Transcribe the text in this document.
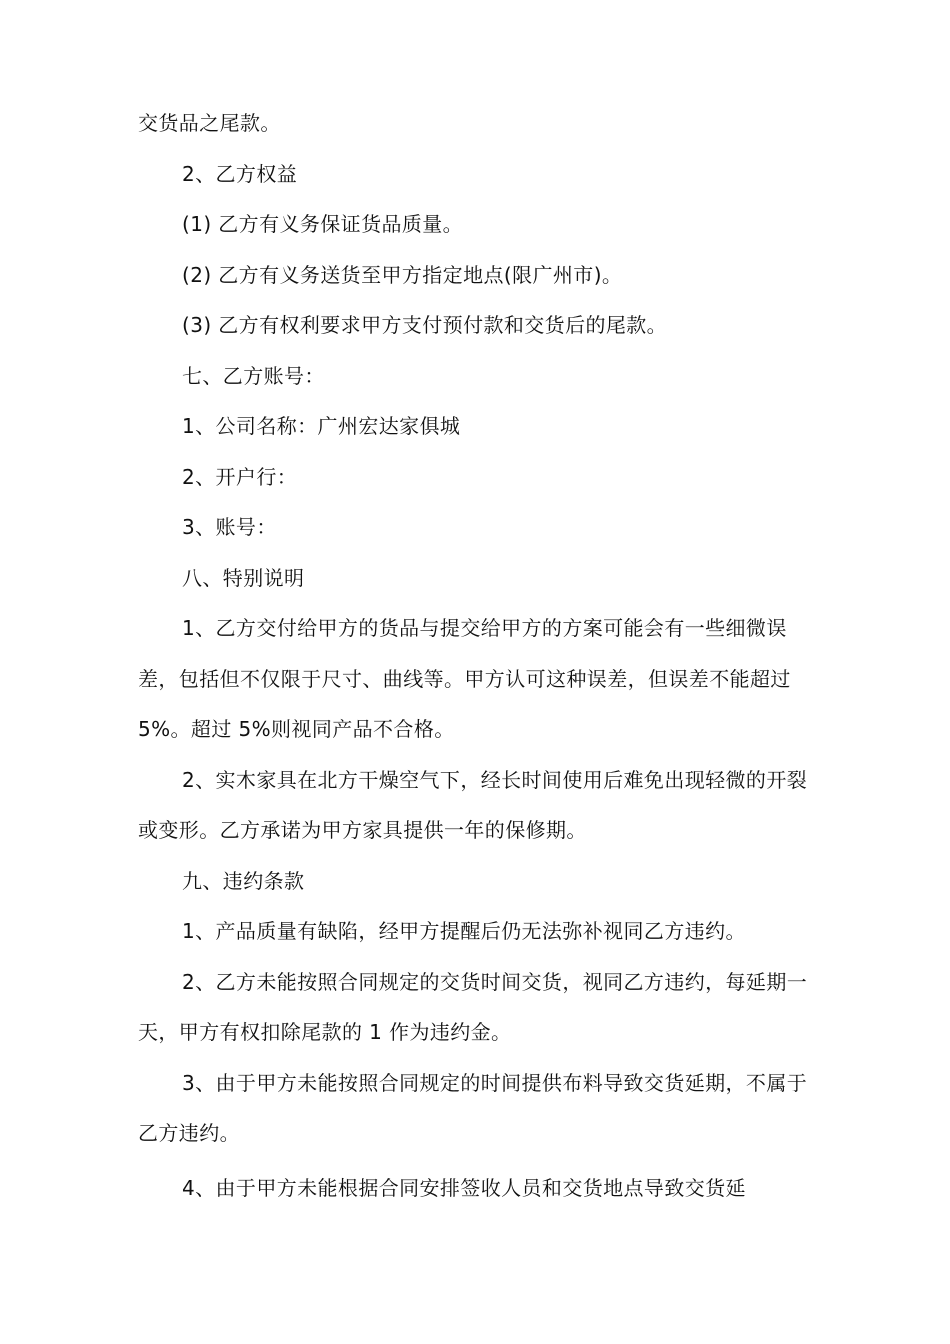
交货品之尾款。

2、乙方权益

(1) 乙方有义务保证货品质量。

(2) 乙方有义务送货至甲方指定地点(限广州市)。

(3) 乙方有权利要求甲方支付预付款和交货后的尾款。

七、乙方账号：

1、公司名称：广州宏达家俱城

2、开户行：

3、账号：

八、特别说明

1、乙方交付给甲方的货品与提交给甲方的方案可能会有一些细微误差，包括但不仅限于尺寸、曲线等。甲方认可这种误差，但误差不能超过 5%。超过 5%则视同产品不合格。

2、实木家具在北方干燥空气下，经长时间使用后难免出现轻微的开裂或变形。乙方承诺为甲方家具提供一年的保修期。

九、违约条款

1、产品质量有缺陷，经甲方提醒后仍无法弥补视同乙方违约。

2、乙方未能按照合同规定的交货时间交货，视同乙方违约，每延期一天，甲方有权扣除尾款的 1 作为违约金。

3、由于甲方未能按照合同规定的时间提供布料导致交货延期，不属于乙方违约。

4、由于甲方未能根据合同安排签收人员和交货地点导致交货延
